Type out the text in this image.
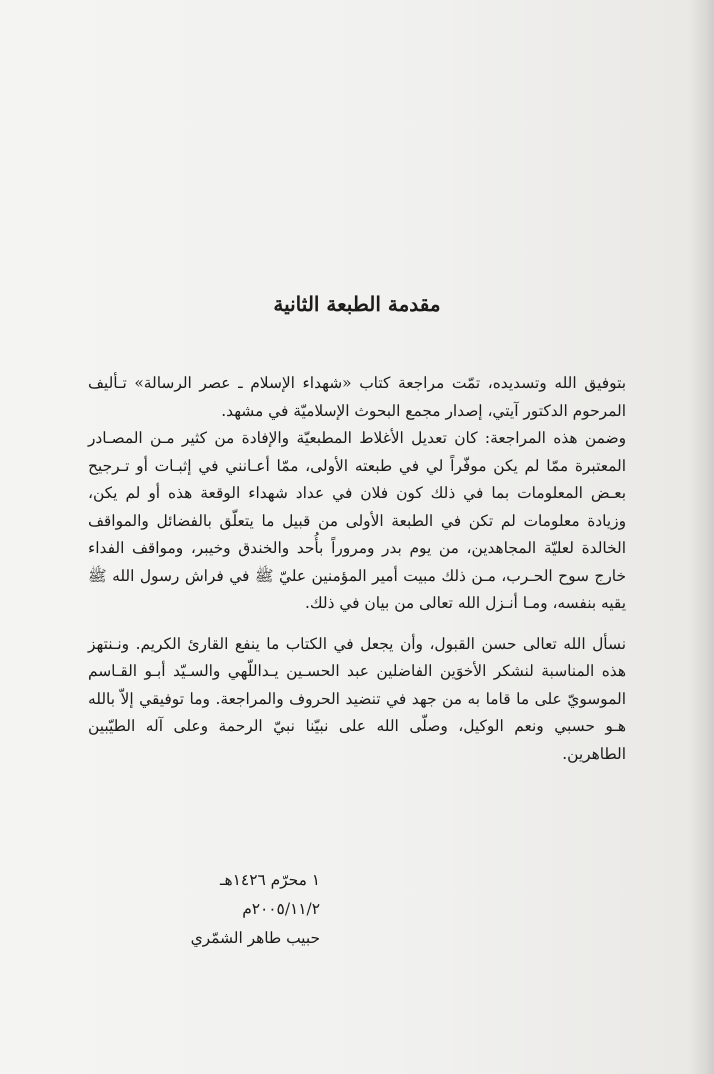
مقدمة الطبعة الثانية

بتوفيق الله وتسديده، تمّت مراجعة كتاب «شهداء الإسلام ـ عصر الرسالة» تـأليف المرحوم الدكتور آيتي، إصدار مجمع البحوث الإسلاميّة في مشهد.

وضمن هذه المراجعة: كان تعديل الأغلاط المطبعيّة والإفادة من كثير مـن المصـادر المعتبرة ممّا لم يكن موفّراً لي في طبعته الأولى، ممّا أعـانني في إثبـات أو تـرجيح بعـض المعلومات بما في ذلك كون فلان في عداد شهداء الوقعة هذه أو لم يكن، وزيادة معلومات لم تكن في الطبعة الأولى من قبيل ما يتعلّق بالفضائل والمواقف الخالدة لعليّة المجاهدين، من يوم بدر ومروراً بأُحد والخندق وخيبر، ومواقف الفداء خارج سوح الحـرب، مـن ذلك مبيت أمير المؤمنين عليّ ﷺ في فراش رسول الله ﷺ يقيه بنفسه، ومـا أنـزل الله تعالى من بيان في ذلك.

نسأل الله تعالى حسن القبول، وأن يجعل في الكتاب ما ينفع القارئ الكريم. ونـنتهز هذه المناسبة لنشكر الأخوَين الفاضلين عبد الحسـين يـداللّهي والسـيّد أبـو القـاسم الموسويّ على ما قاما به من جهد في تنضيد الحروف والمراجعة. وما توفيقي إلاّ بالله هـو حسبي ونعم الوكيل، وصلّى الله على نبيّنا نبيّ الرحمة وعلى آله الطيّبين الطاهرين.

١ محرّم ١٤٢٦هـ
٢٠٠٥/١١/٢م
حبيب طاهر الشمّري
